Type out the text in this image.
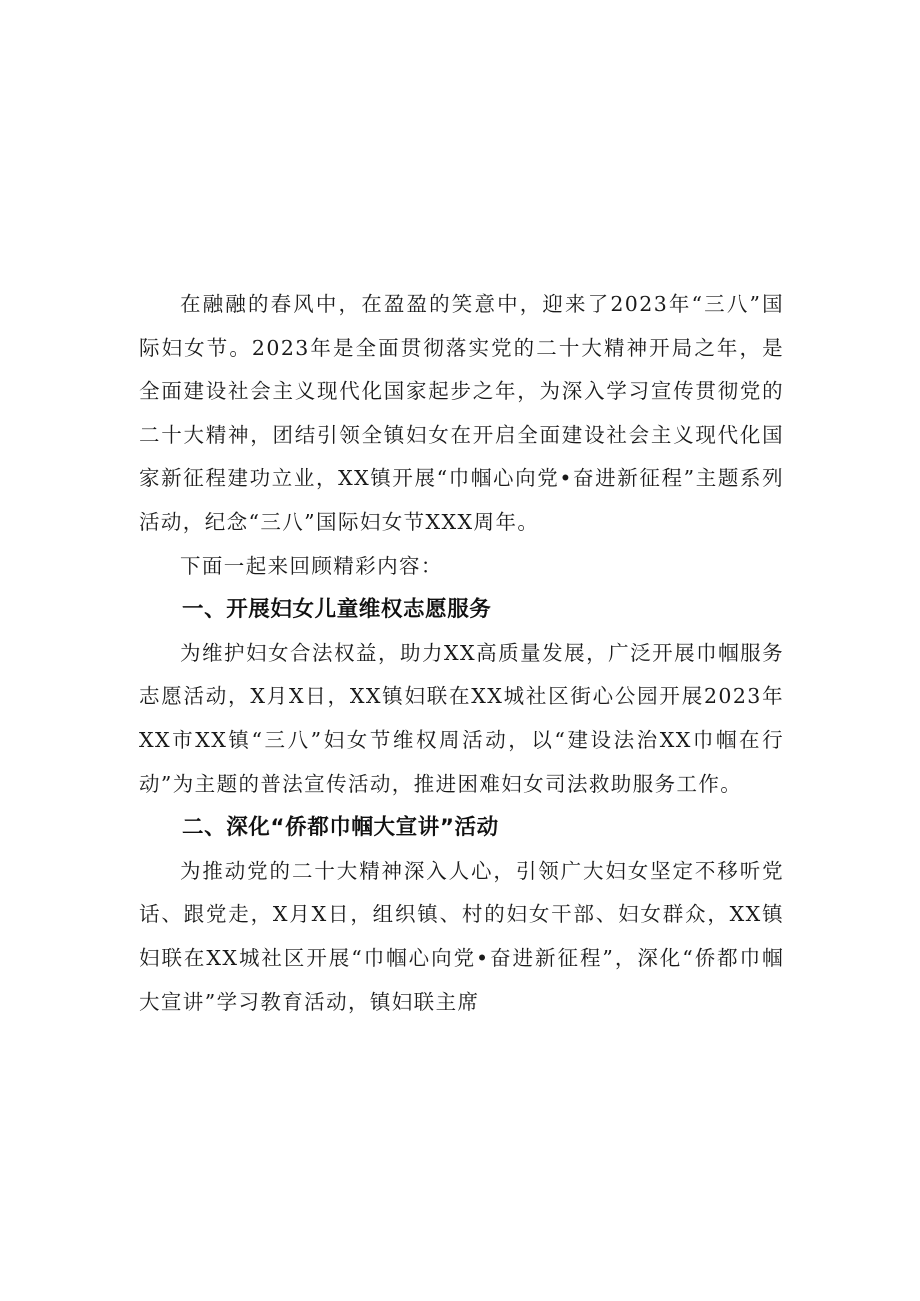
在融融的春风中，在盈盈的笑意中，迎来了2023年“三八”国际妇女节。2023年是全面贯彻落实党的二十大精神开局之年，是全面建设社会主义现代化国家起步之年，为深入学习宣传贯彻党的二十大精神，团结引领全镇妇女在开启全面建设社会主义现代化国家新征程建功立业，XX镇开展“巾帼心向党•奋进新征程”主题系列活动，纪念“三八”国际妇女节XXX周年。

下面一起来回顾精彩内容：

一、开展妇女儿童维权志愿服务

为维护妇女合法权益，助力XX高质量发展，广泛开展巾帼服务志愿活动，X月X日，XX镇妇联在XX城社区街心公园开展2023年XX市XX镇“三八”妇女节维权周活动，以“建设法治XX巾帼在行动”为主题的普法宣传活动，推进困难妇女司法救助服务工作。

二、深化“侨都巾帼大宣讲”活动

为推动党的二十大精神深入人心，引领广大妇女坚定不移听党话、跟党走，X月X日，组织镇、村的妇女干部、妇女群众，XX镇妇联在XX城社区开展“巾帼心向党•奋进新征程”，深化“侨都巾帼大宣讲”学习教育活动，镇妇联主席
